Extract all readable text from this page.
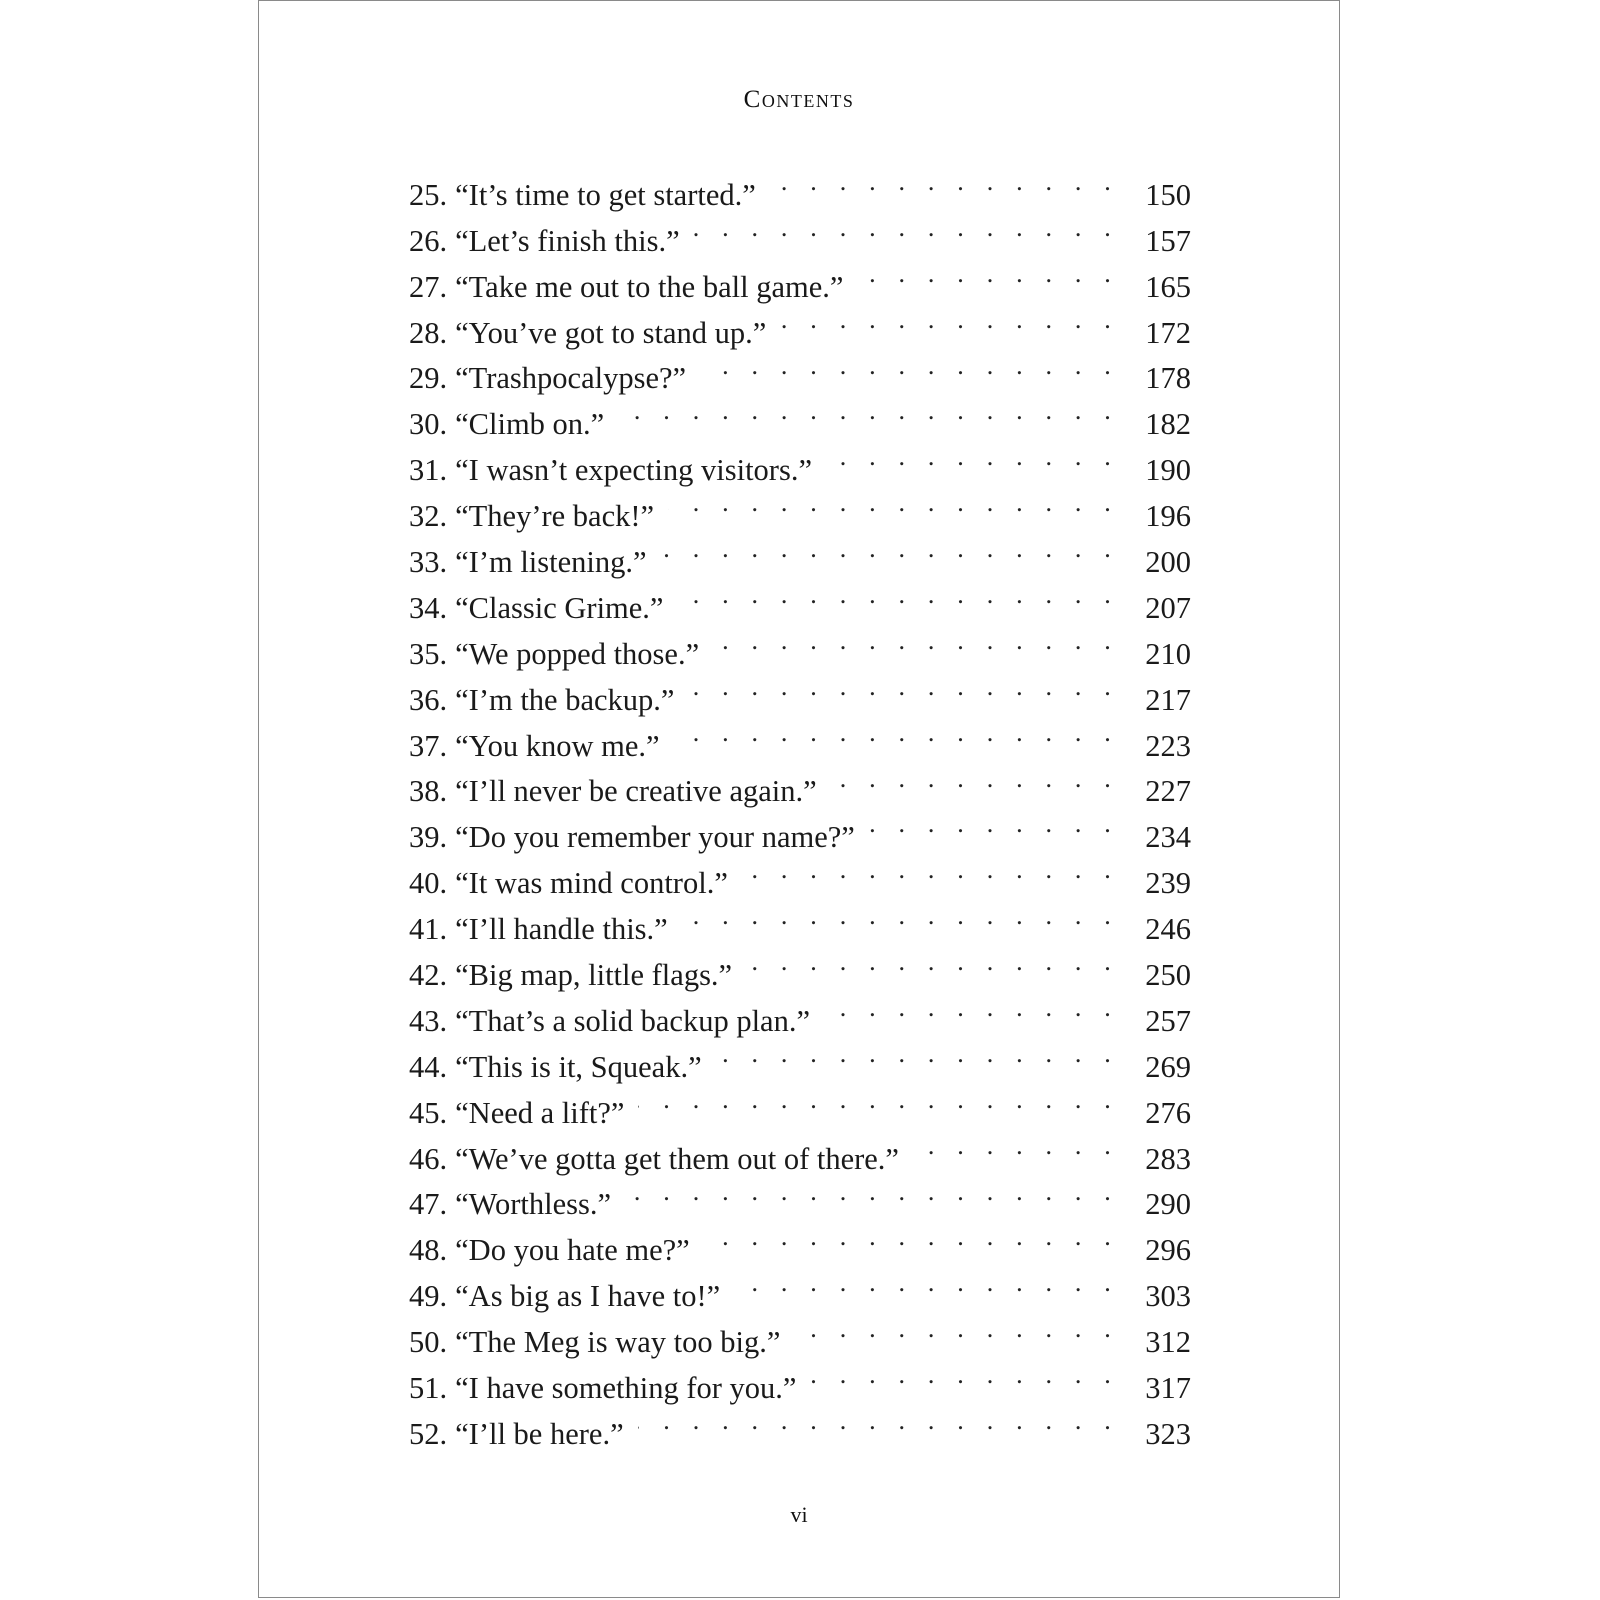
Contents
25. “It’s time to get started.” . . .	150
26. “Let’s finish this.” . . .	157
27. “Take me out to the ball game.” . . .	165
28. “You’ve got to stand up.” . . .	172
29. “Trashpocalypse?” . . .	178
30. “Climb on.” . . .	182
31. “I wasn’t expecting visitors.” . . .	190
32. “They’re back!” . . .	196
33. “I’m listening.” . . .	200
34. “Classic Grime.” . . .	207
35. “We popped those.” . . .	210
36. “I’m the backup.” . . .	217
37. “You know me.” . . .	223
38. “I’ll never be creative again.” . . .	227
39. “Do you remember your name?” . . .	234
40. “It was mind control.” . . .	239
41. “I’ll handle this.” . . .	246
42. “Big map, little flags.” . . .	250
43. “That’s a solid backup plan.” . . .	257
44. “This is it, Squeak.” . . .	269
45. “Need a lift?” . . .	276
46. “We’ve gotta get them out of there.” . . .	283
47. “Worthless.” . . .	290
48. “Do you hate me?” . . .	296
49. “As big as I have to!” . . .	303
50. “The Meg is way too big.” . . .	312
51. “I have something for you.” . . .	317
52. “I’ll be here.” . . .	323
vi
